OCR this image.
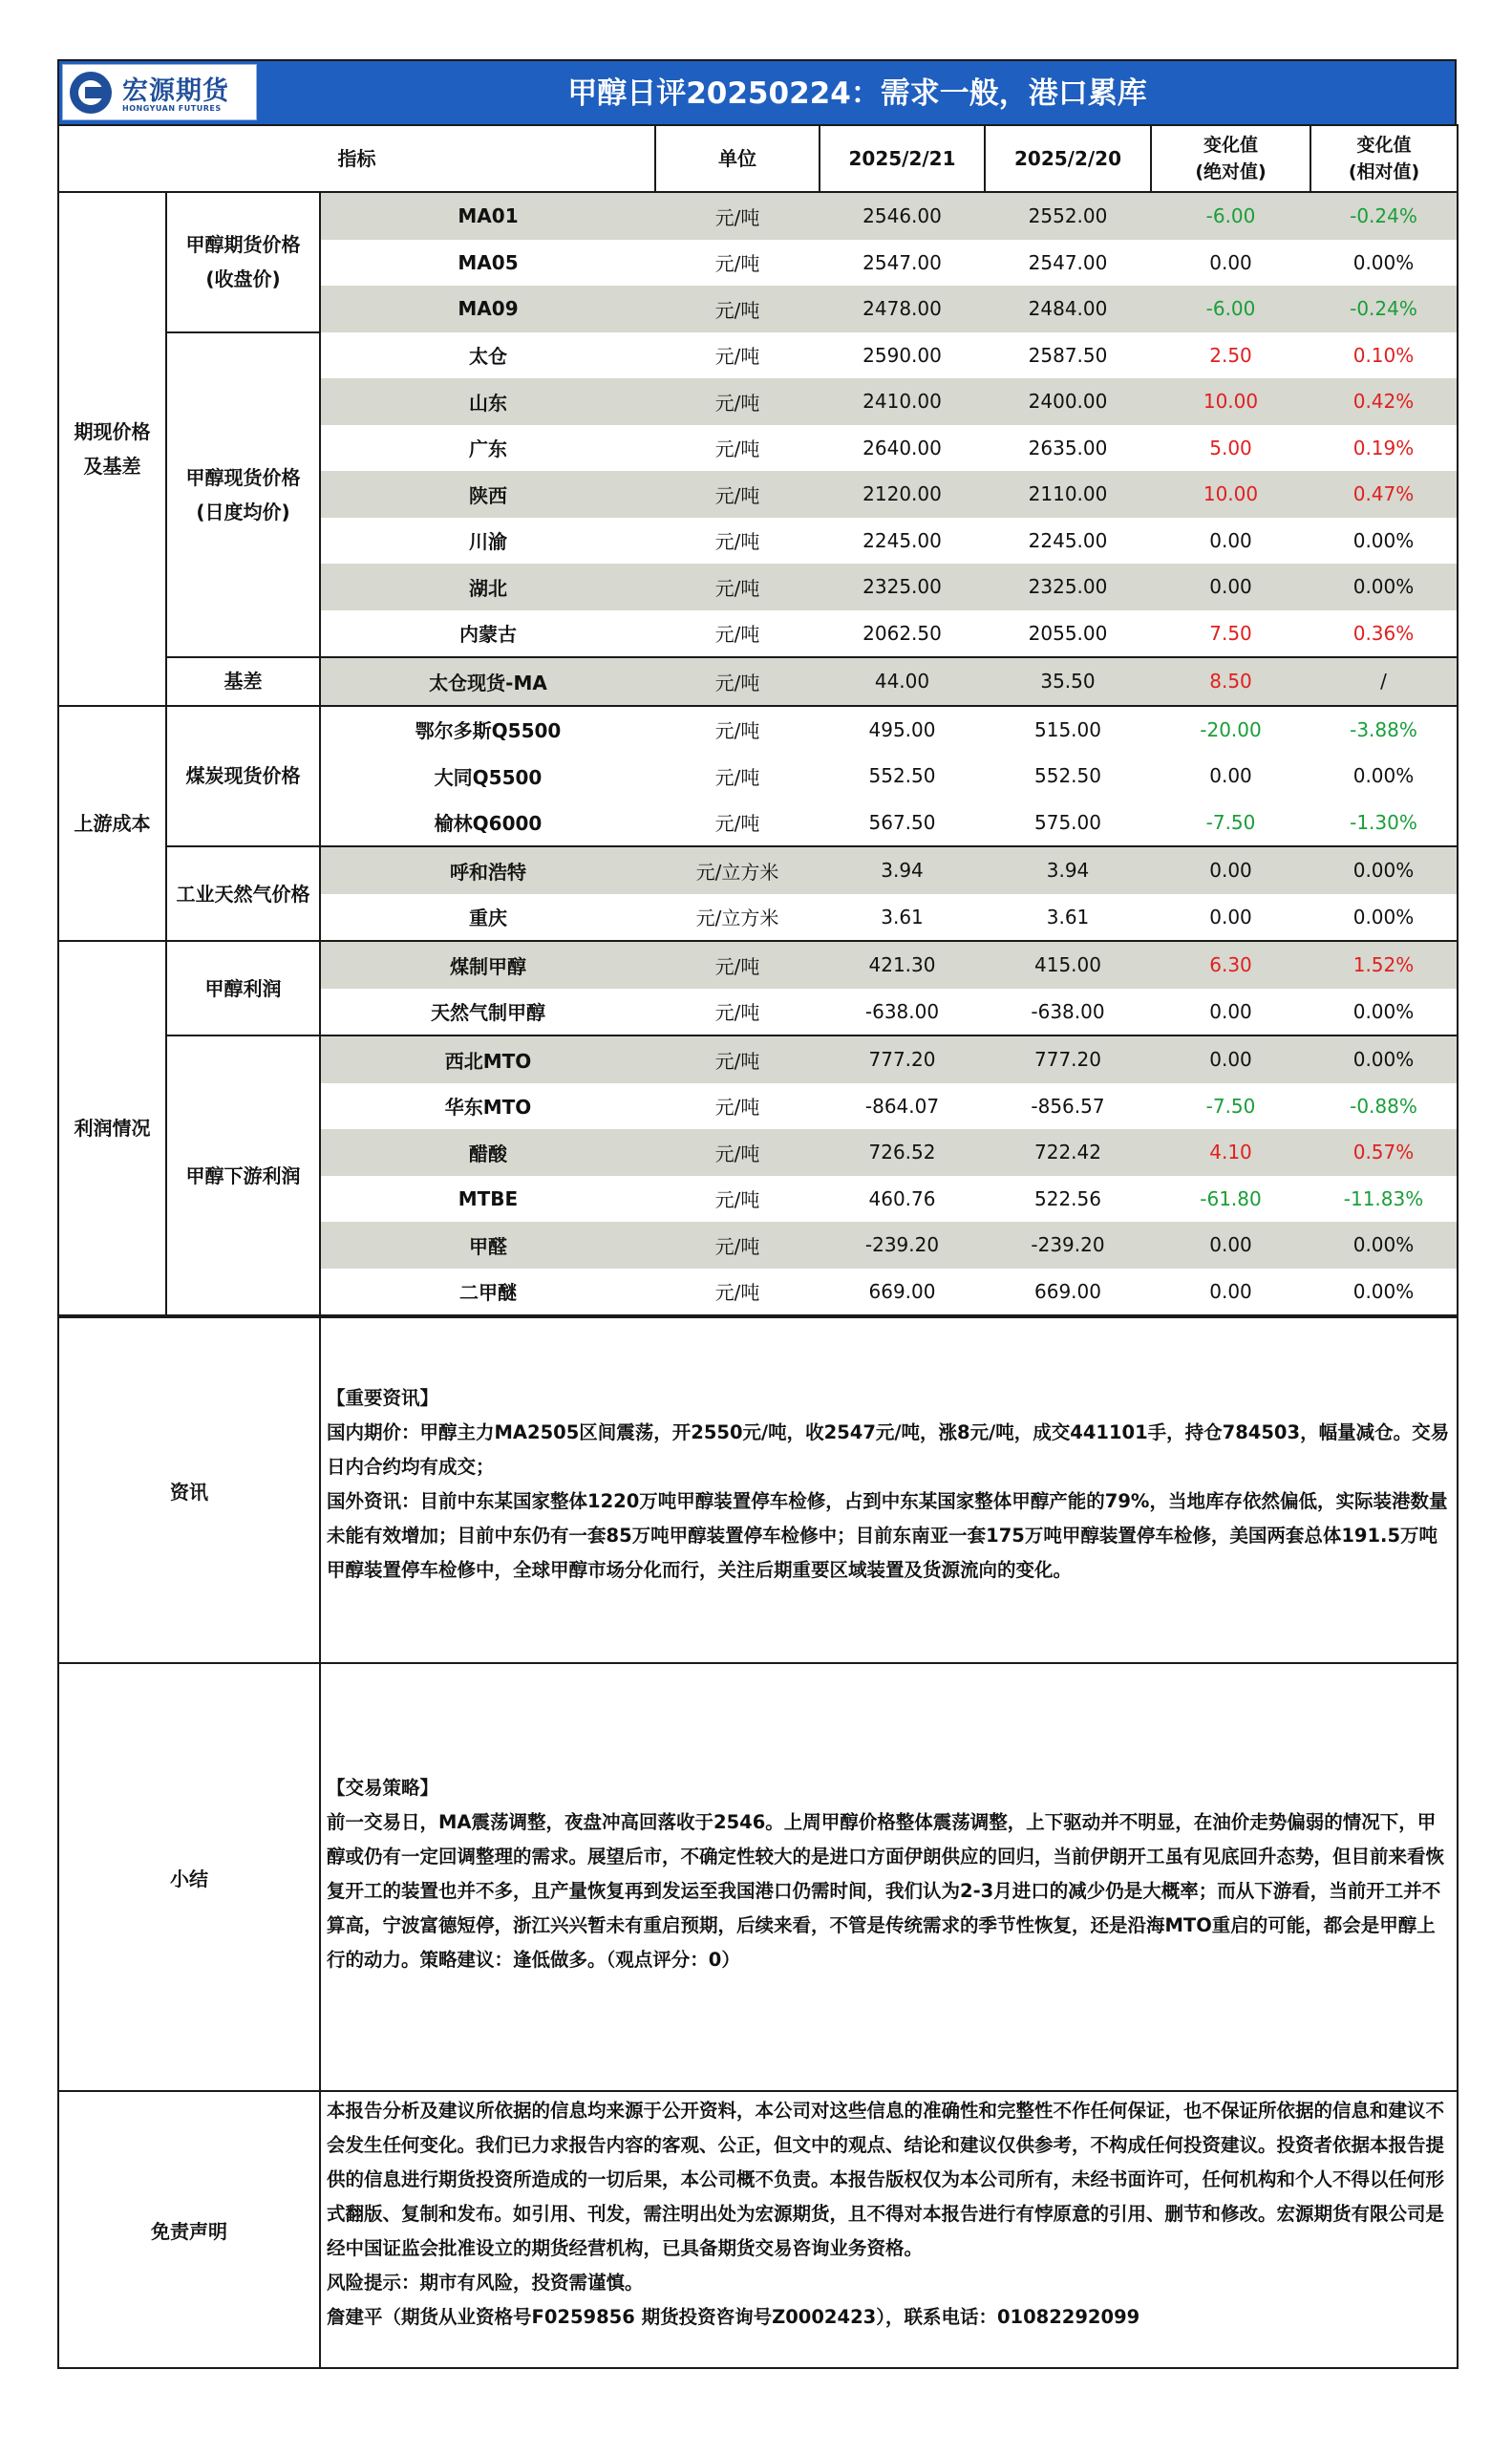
宏源期货
HONGYUAN FUTURES	甲醇日评20250224：需求一般，港口累库
指标			单位	2025/2/21	2025/2/20	变化值
(绝对值)	变化值
(相对值)
期现价格
及基差	甲醇期货价格
(收盘价)	MA01	元/吨	2546.00	2552.00	-6.00	-0.24%
		MA05	元/吨	2547.00	2547.00	0.00	0.00%
		MA09	元/吨	2478.00	2484.00	-6.00	-0.24%
	甲醇现货价格
(日度均价)	太仓	元/吨	2590.00	2587.50	2.50	0.10%
		山东	元/吨	2410.00	2400.00	10.00	0.42%
		广东	元/吨	2640.00	2635.00	5.00	0.19%
		陕西	元/吨	2120.00	2110.00	10.00	0.47%
		川渝	元/吨	2245.00	2245.00	0.00	0.00%
		湖北	元/吨	2325.00	2325.00	0.00	0.00%
		内蒙古	元/吨	2062.50	2055.00	7.50	0.36%
	基差	太仓现货-MA	元/吨	44.00	35.50	8.50	/
上游成本	煤炭现货价格	鄂尔多斯Q5500	元/吨	495.00	515.00	-20.00	-3.88%
		大同Q5500	元/吨	552.50	552.50	0.00	0.00%
		榆林Q6000	元/吨	567.50	575.00	-7.50	-1.30%
	工业天然气价格	呼和浩特	元/立方米	3.94	3.94	0.00	0.00%
		重庆	元/立方米	3.61	3.61	0.00	0.00%
利润情况	甲醇利润	煤制甲醇	元/吨	421.30	415.00	6.30	1.52%
		天然气制甲醇	元/吨	-638.00	-638.00	0.00	0.00%
	甲醇下游利润	西北MTO	元/吨	777.20	777.20	0.00	0.00%
		华东MTO	元/吨	-864.07	-856.57	-7.50	-0.88%
		醋酸	元/吨	726.52	722.42	4.10	0.57%
		MTBE	元/吨	460.76	522.56	-61.80	-11.83%
		甲醛	元/吨	-239.20	-239.20	0.00	0.00%
		二甲醚	元/吨	669.00	669.00	0.00	0.00%
资讯	【重要资讯】

国内期价：甲醇主力MA2505区间震荡，开2550元/吨，收2547元/吨，涨8元/吨，成交441101手，持仓784503，幅量减仓。交易日内合约均有成交；

国外资讯：目前中东某国家整体1220万吨甲醇装置停车检修，占到中东某国家整体甲醇产能的79%，当地库存依然偏低，实际装港数量未能有效增加；目前中东仍有一套85万吨甲醇装置停车检修中；目前东南亚一套175万吨甲醇装置停车检修，美国两套总体191.5万吨甲醇装置停车检修中，全球甲醇市场分化而行，关注后期重要区域装置及货源流向的变化。

小结	【交易策略】

前一交易日，MA震荡调整，夜盘冲高回落收于2546。上周甲醇价格整体震荡调整，上下驱动并不明显，在油价走势偏弱的情况下，甲醇或仍有一定回调整理的需求。展望后市，不确定性较大的是进口方面伊朗供应的回归，当前伊朗开工虽有见底回升态势，但目前来看恢复开工的装置也并不多，且产量恢复再到发运至我国港口仍需时间，我们认为2-3月进口的减少仍是大概率；而从下游看，当前开工并不算高，宁波富德短停，浙江兴兴暂未有重启预期，后续来看，不管是传统需求的季节性恢复，还是沿海MTO重启的可能，都会是甲醇上行的动力。策略建议：逢低做多。（观点评分：0）

免责声明	本报告分析及建议所依据的信息均来源于公开资料，本公司对这些信息的准确性和完整性不作任何保证，也不保证所依据的信息和建议不会发生任何变化。我们已力求报告内容的客观、公正，但文中的观点、结论和建议仅供参考，不构成任何投资建议。投资者依据本报告提供的信息进行期货投资所造成的一切后果，本公司概不负责。本报告版权仅为本公司所有，未经书面许可，任何机构和个人不得以任何形式翻版、复制和发布。如引用、刊发，需注明出处为宏源期货，且不得对本报告进行有悖原意的引用、删节和修改。宏源期货有限公司是经中国证监会批准设立的期货经营机构，已具备期货交易咨询业务资格。

风险提示：期市有风险，投资需谨慎。

詹建平（期货从业资格号F0259856 期货投资咨询号Z0002423），联系电话：01082292099
